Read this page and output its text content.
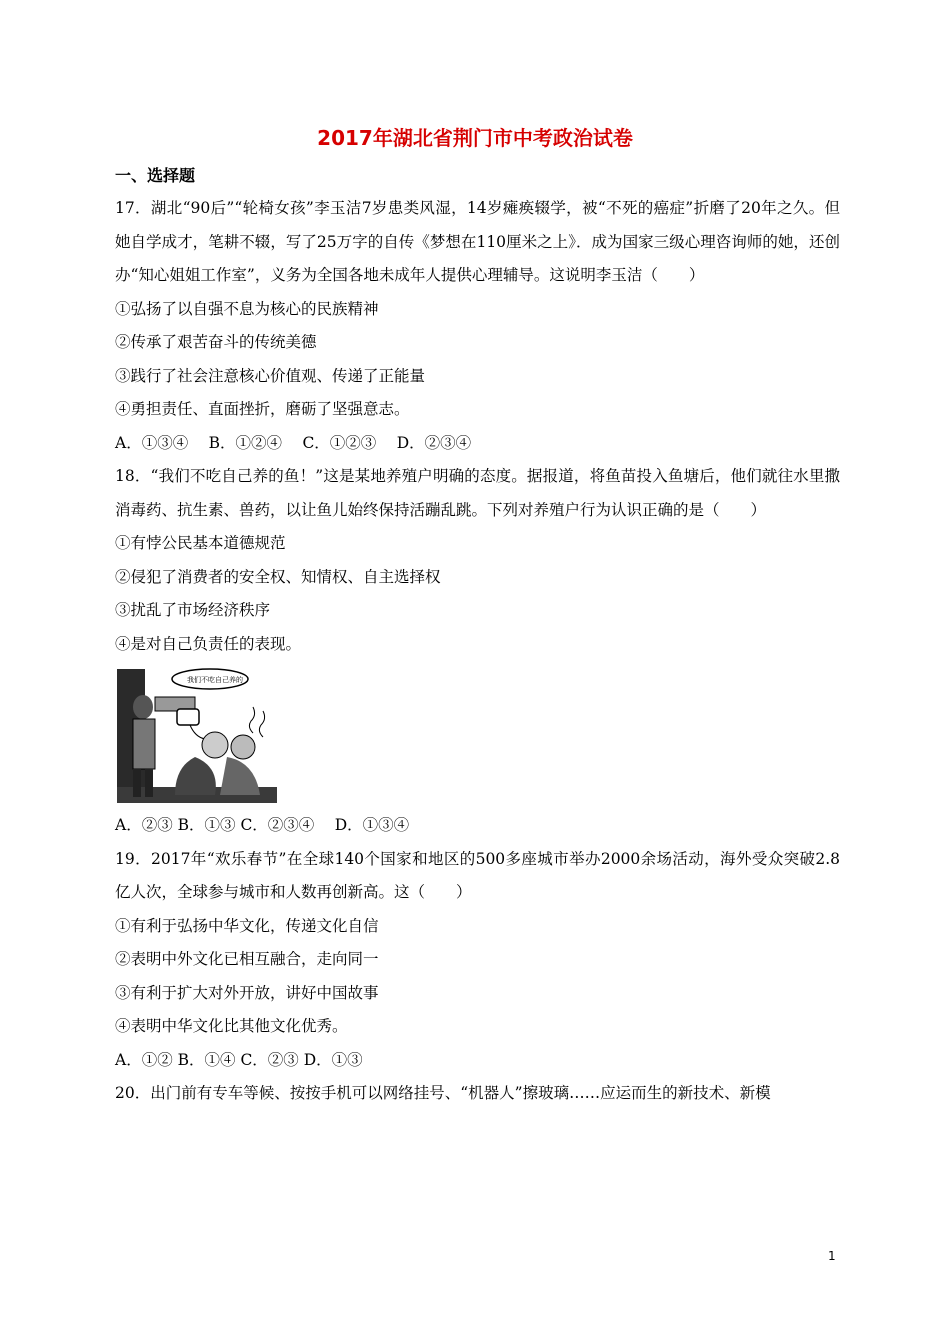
2017年湖北省荆门市中考政治试卷
一、选择题

17．湖北“90后”“轮椅女孩”李玉洁7岁患类风湿，14岁瘫痪辍学，被“不死的癌症”折磨了20年之久。但她自学成才，笔耕不辍，写了25万字的自传《梦想在110厘米之上》．成为国家三级心理咨询师的她，还创办“知心姐姐工作室”，义务为全国各地未成年人提供心理辅导。这说明李玉洁（　　）

①弘扬了以自强不息为核心的民族精神

②传承了艰苦奋斗的传统美德

③践行了社会注意核心价值观、传递了正能量

④勇担责任、直面挫折，磨砺了坚强意志。

A．①③④　 B．①②④　 C．①②③　 D．②③④

18．“我们不吃自己养的鱼！”这是某地养殖户明确的态度。据报道，将鱼苗投入鱼塘后，他们就往水里撒消毒药、抗生素、兽药，以让鱼儿始终保持活蹦乱跳。下列对养殖户行为认识正确的是（　　）

①有悖公民基本道德规范

②侵犯了消费者的安全权、知情权、自主选择权

③扰乱了市场经济秩序

④是对自己负责任的表现。

我们不吃自己养的

A．②③ B．①③ C．②③④　 D．①③④

19．2017年“欢乐春节”在全球140个国家和地区的500多座城市举办2000余场活动，海外受众突破2.8亿人次，全球参与城市和人数再创新高。这（　　）

①有利于弘扬中华文化，传递文化自信

②表明中外文化已相互融合，走向同一

③有利于扩大对外开放，讲好中国故事

④表明中华文化比其他文化优秀。

A．①② B．①④ C．②③ D．①③

20．出门前有专车等候、按按手机可以网络挂号、“机器人”擦玻璃……应运而生的新技术、新模

1
